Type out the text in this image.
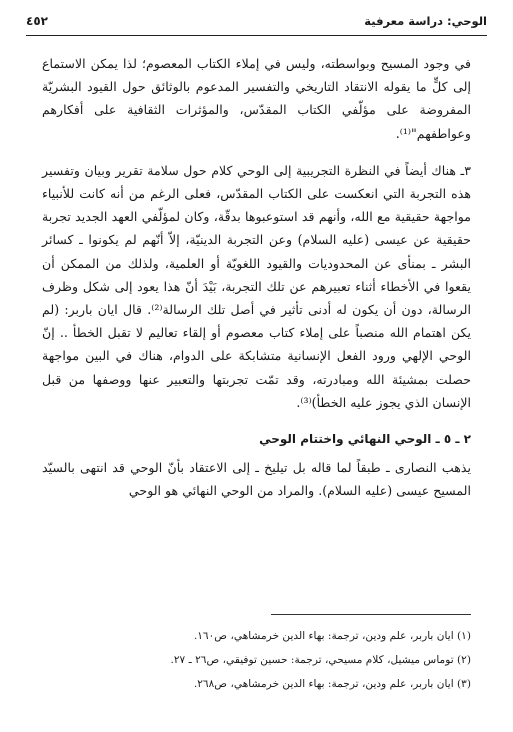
الوحي: دراسة معرفية
٤٥٢

في وجود المسيح وبواسطته، وليس في إملاء الكتاب المعصوم؛ لذا يمكن الاستماع إلى كلٍّ ما يقوله الانتقاد التاريخي والتفسير المدعوم بالوثائق حول القيود البشريّة المفروضة على مؤلّفي الكتاب المقدّس، والمؤثرات الثقافية على أفكارهم وعواطفهم"⁽¹⁾.

٣ـ هناك أيضاً في النظرة التجريبية إلى الوحي كلام حول سلامة تقرير وبيان وتفسير هذه التجربة التي انعكست على الكتاب المقدّس، فعلى الرغم من أنه كانت للأنبياء مواجهة حقيقية مع الله، وأنهم قد استوعبوها بدقّة، وكان لمؤلّفي العهد الجديد تجربة حقيقية عن عيسى (عليه السلام) وعن التجربة الدينيّة، إلاّ أنّهم لم يكونوا ـ كسائر البشر ـ بمنأى عن المحدوديات والقيود اللغويّة أو العلمية، ولذلك من الممكن أن يقعوا في الأخطاء أثناء تعبيرهم عن تلك التجربة، بَيْدَ أنّ هذا يعود إلى شكل وظرف الرسالة، دون أن يكون له أدنى تأثير في أصل تلك الرسالة⁽²⁾. قال ايان باربر: (لم يكن اهتمام الله منصباً على إملاء كتاب معصوم أو إلقاء تعاليم لا تقبل الخطأ .. إنّ الوحي الإلهي ورود الفعل الإنسانية متشابكة على الدوام، هناك في البين مواجهة حصلت بمشيئة الله ومبادرته، وقد تمّت تجربتها والتعبير عنها ووصفها من قبل الإنسان الذي يجوز عليه الخطأ)⁽³⁾.

٢ ـ ٥ ـ الوحي النهائي واختتام الوحي

يذهب النصارى ـ طبقاً لما قاله بل تيليخ ـ إلى الاعتقاد بأنّ الوحي قد انتهى بالسيّد المسيح عيسى (عليه السلام). والمراد من الوحي النهائي هو الوحي

(١) ايان باربر، علم ودين، ترجمة: بهاء الدين خرمشاهي، ص١٦٠.

(٢) توماس ميشيل، كلام مسيحي، ترجمة: حسين توفيقي، ص٢٦ ـ ٢٧.

(٣) ايان باربر، علم ودين، ترجمة: بهاء الدين خرمشاهي، ص٢٦٨.
